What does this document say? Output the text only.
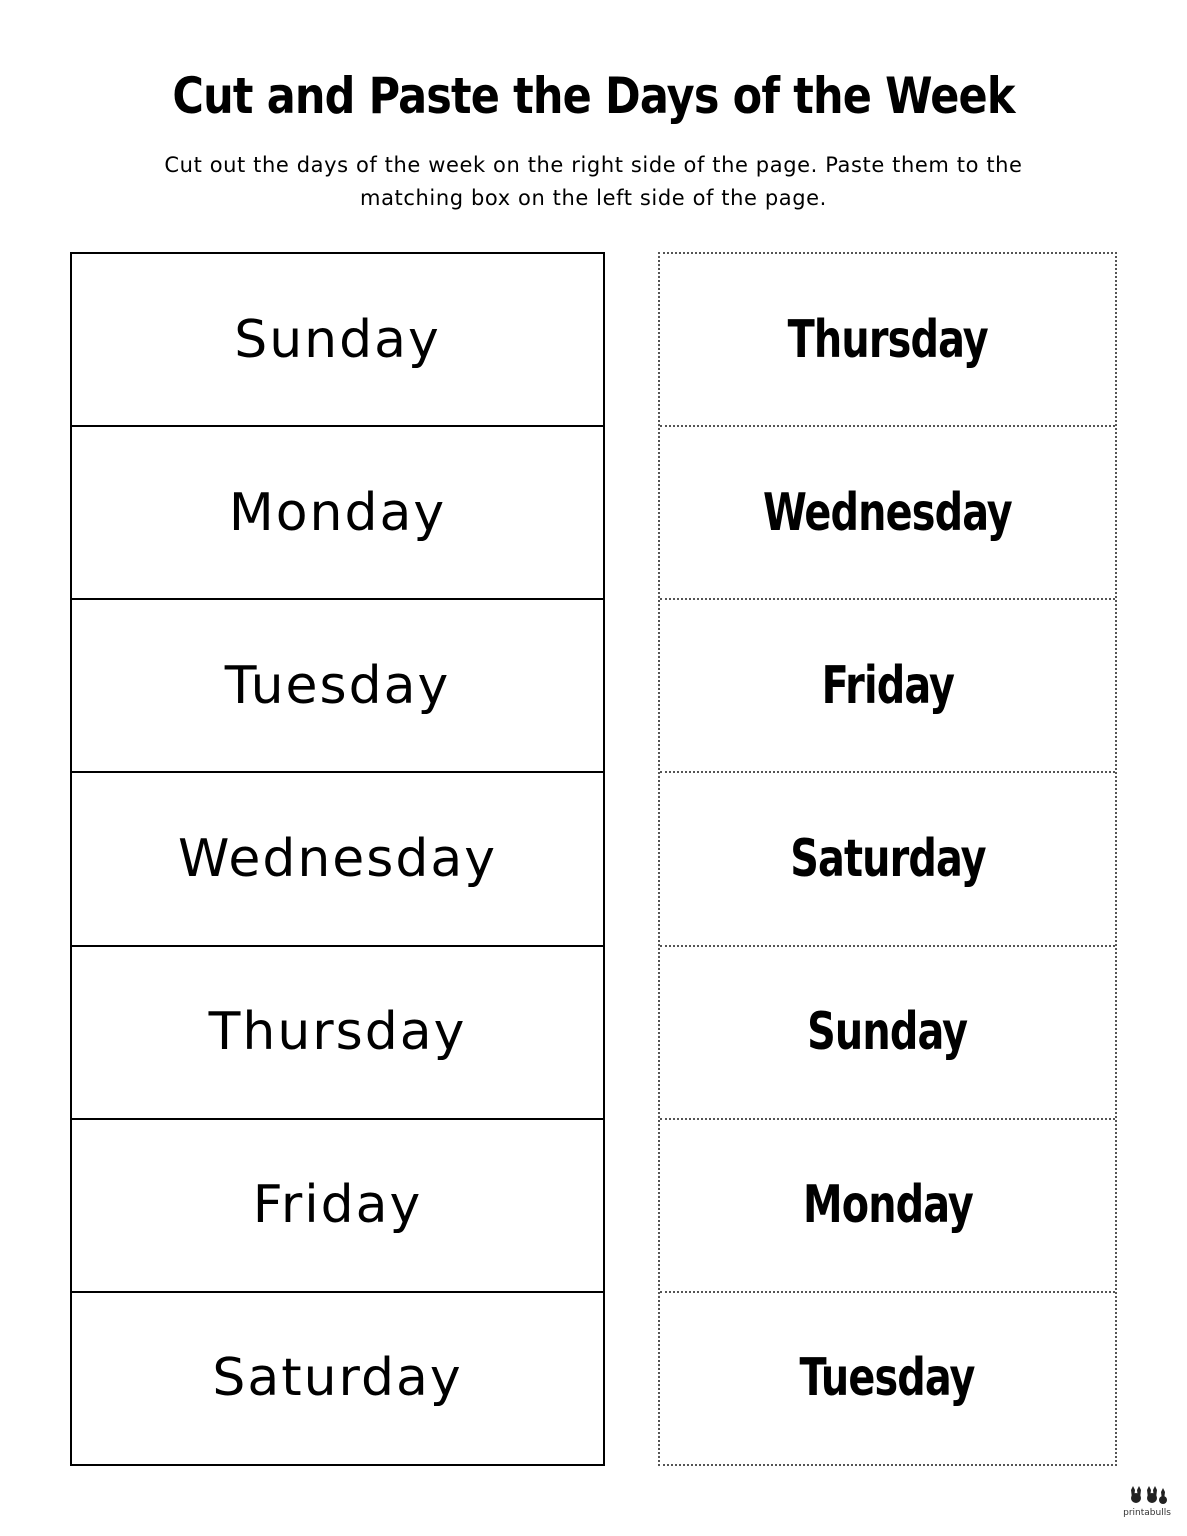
Cut and Paste the Days of the Week

Cut out the days of the week on the right side of the page. Paste them to the matching box on the left side of the page.

Sunday
Monday
Tuesday
Wednesday
Thursday
Friday
Saturday
Thursday
Wednesday
Friday
Saturday
Sunday
Monday
Tuesday
printabulls
